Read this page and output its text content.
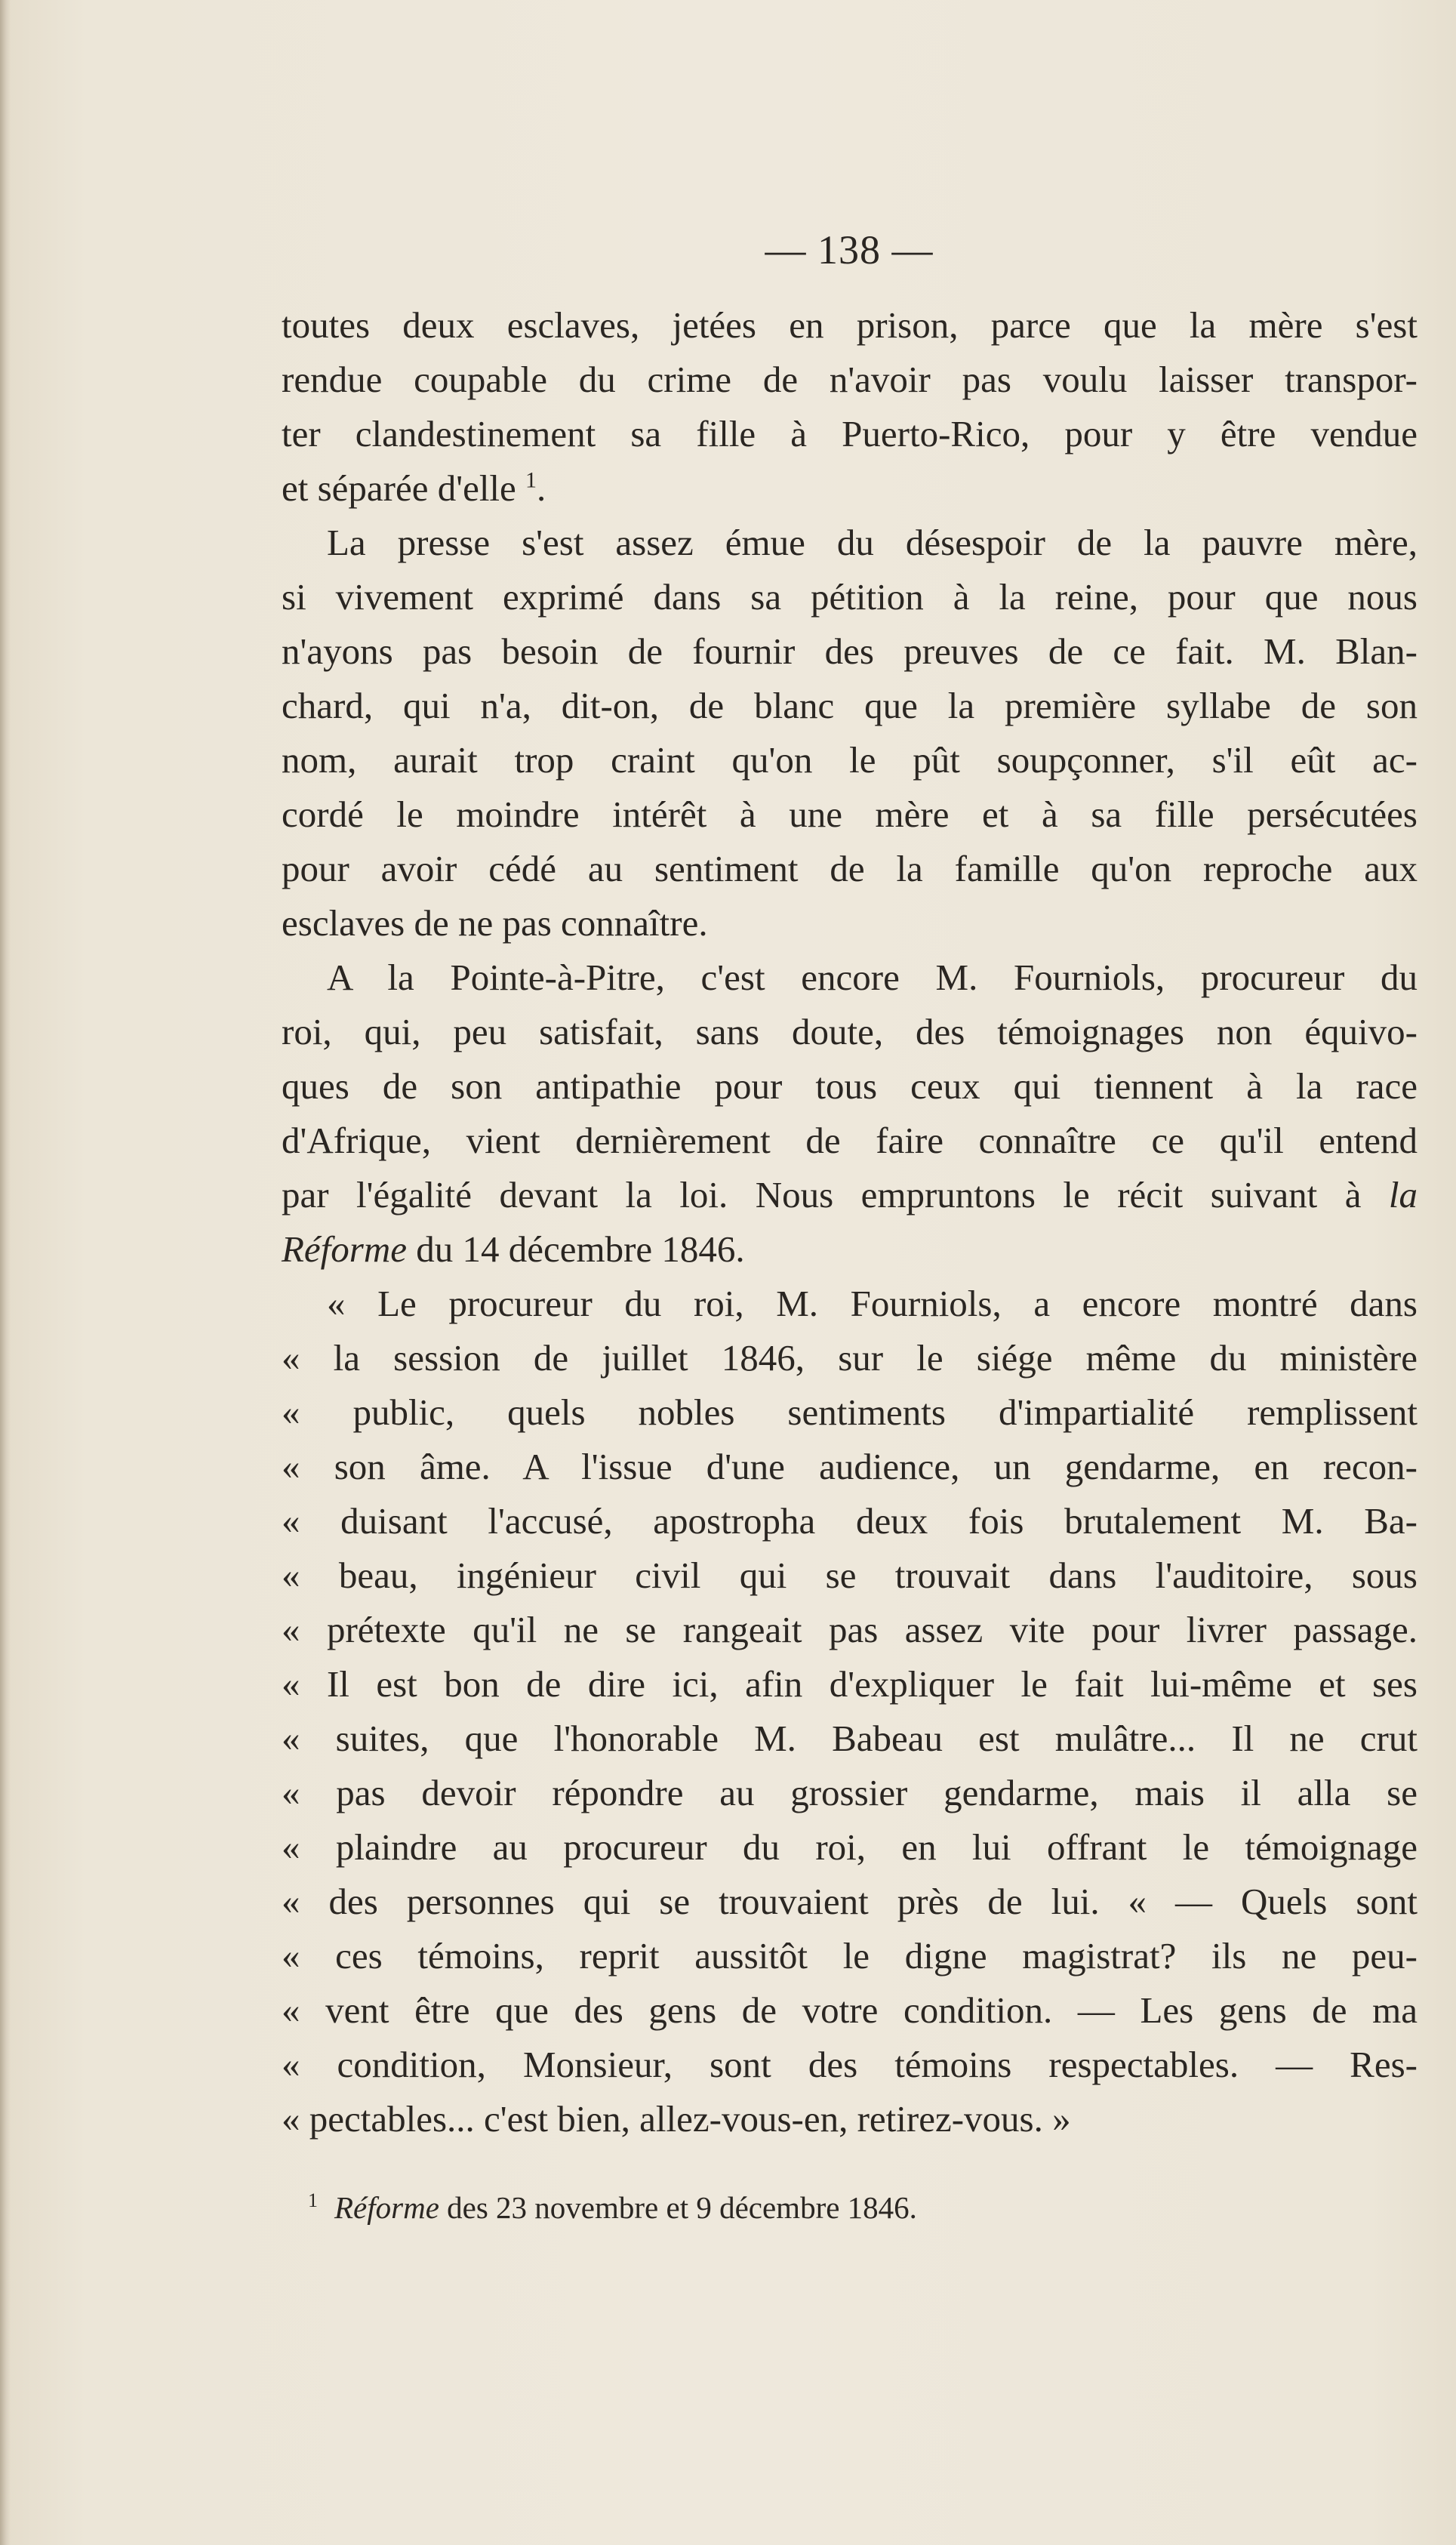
— 138 —
toutes deux esclaves, jetées en prison, parce que la mère s'est
rendue coupable du crime de n'avoir pas voulu laisser transpor-
ter clandestinement sa fille à Puerto-Rico, pour y être vendue
et séparée d'elle $^1$.
La presse s'est assez émue du désespoir de la pauvre mère,
si vivement exprimé dans sa pétition à la reine, pour que nous
n'ayons pas besoin de fournir des preuves de ce fait. M. Blan-
chard, qui n'a, dit-on, de blanc que la première syllabe de son
nom, aurait trop craint qu'on le pût soupçonner, s'il eût ac-
cordé le moindre intérêt à une mère et à sa fille persécutées
pour avoir cédé au sentiment de la famille qu'on reproche aux
esclaves de ne pas connaître.
A la Pointe-à-Pitre, c'est encore M. Fourniols, procureur du
roi, qui, peu satisfait, sans doute, des témoignages non équivo-
ques de son antipathie pour tous ceux qui tiennent à la race
d'Afrique, vient dernièrement de faire connaître ce qu'il entend
par l'égalité devant la loi. Nous empruntons le récit suivant à la
Réforme du 14 décembre 1846.
« Le procureur du roi, M. Fourniols, a encore montré dans
« la session de juillet 1846, sur le siége même du ministère
« public, quels nobles sentiments d'impartialité remplissent
« son âme. A l'issue d'une audience, un gendarme, en recon-
« duisant l'accusé, apostropha deux fois brutalement M. Ba-
« beau, ingénieur civil qui se trouvait dans l'auditoire, sous
« prétexte qu'il ne se rangeait pas assez vite pour livrer passage.
« Il est bon de dire ici, afin d'expliquer le fait lui-même et ses
« suites, que l'honorable M. Babeau est mulâtre... Il ne crut
« pas devoir répondre au grossier gendarme, mais il alla se
« plaindre au procureur du roi, en lui offrant le témoignage
« des personnes qui se trouvaient près de lui. « — Quels sont
« ces témoins, reprit aussitôt le digne magistrat? ils ne peu-
« vent être que des gens de votre condition. — Les gens de ma
« condition, Monsieur, sont des témoins respectables. — Res-
« pectables... c'est bien, allez-vous-en, retirez-vous. »
$^1$ Réforme des 23 novembre et 9 décembre 1846.
